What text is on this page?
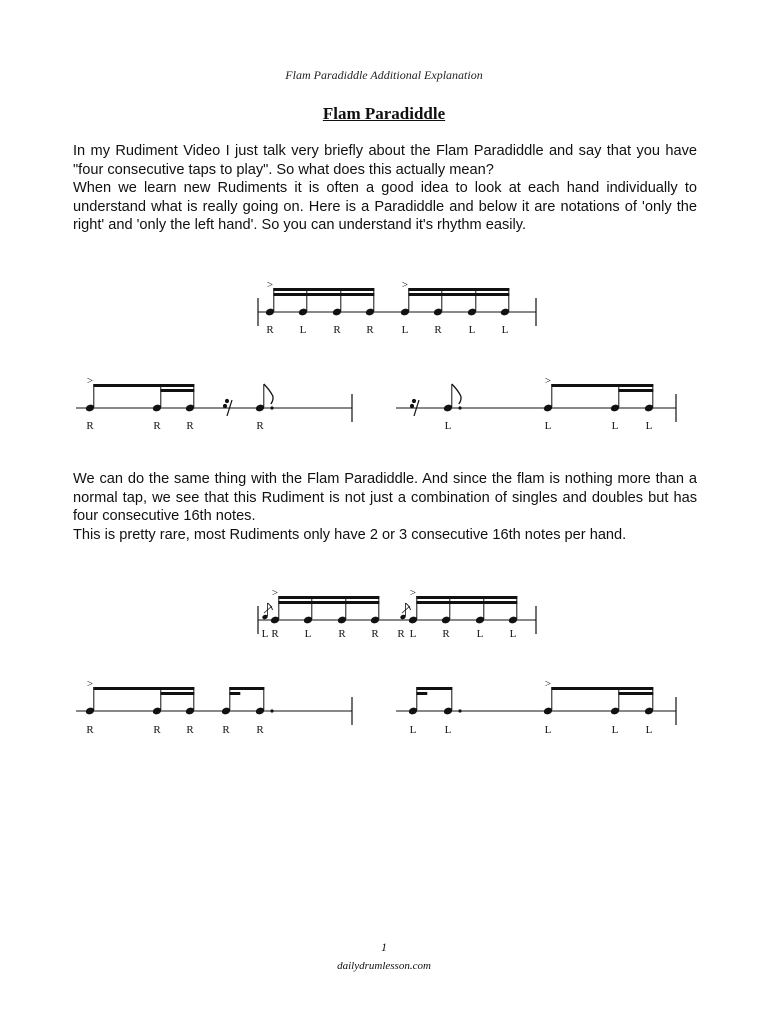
Flam Paradiddle Additional Explanation
Flam Paradiddle

In my Rudiment Video I just talk very briefly about the Flam Paradiddle and say that you have "four consecutive taps to play". So what does this actually mean?

When we learn new Rudiments it is often a good idea to look at each hand individually to understand what is really going on. Here is a Paradiddle and below it are notations of 'only the right' and 'only the left hand'. So you can understand it's rhythm easily.

We can do the same thing with the Flam Paradiddle. And since the flam is nothing more than a normal tap, we see that this Rudiment is not just a combination of singles and doubles but has four consecutive 16th notes.

This is pretty rare, most Rudiments only have 2 or 3 consecutive 16th notes per hand.

>	>
R L R R	L R L L
>
R	R R	R
>
L	L	L L
>	>
L	R
R L R R	L R L L
>
R	R R	R R
>
L	L	L	L L
1
dailydrumlesson.com
